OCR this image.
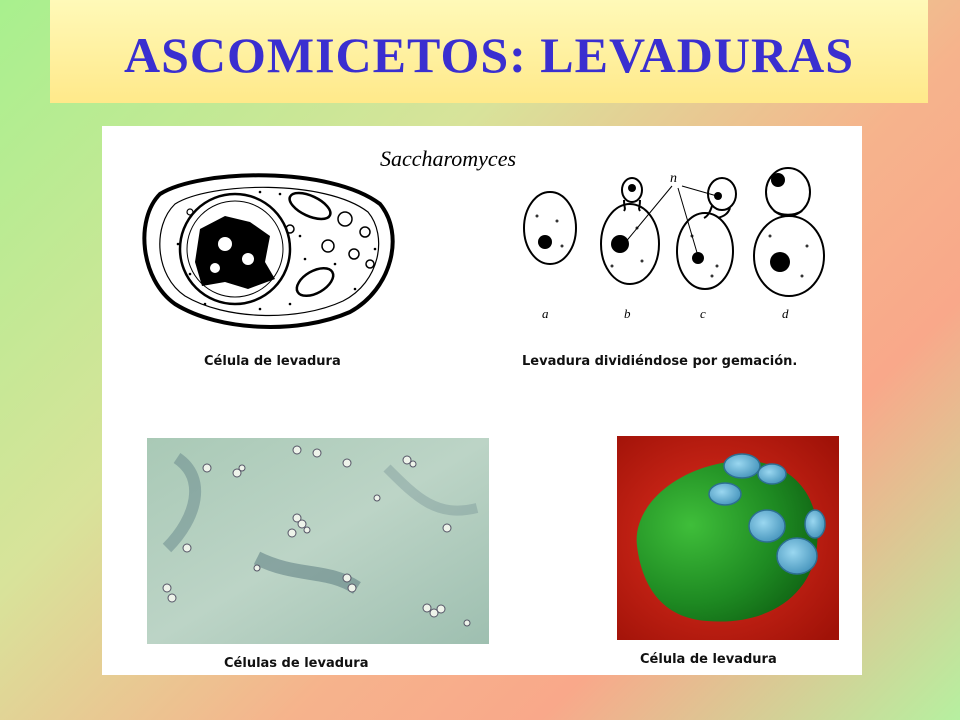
ASCOMICETOS: LEVADURAS
Saccharomyces
Célula de levadura
n
a	b	c	d
Levadura dividiéndose por gemación.
Células de levadura	Célula de levadura
